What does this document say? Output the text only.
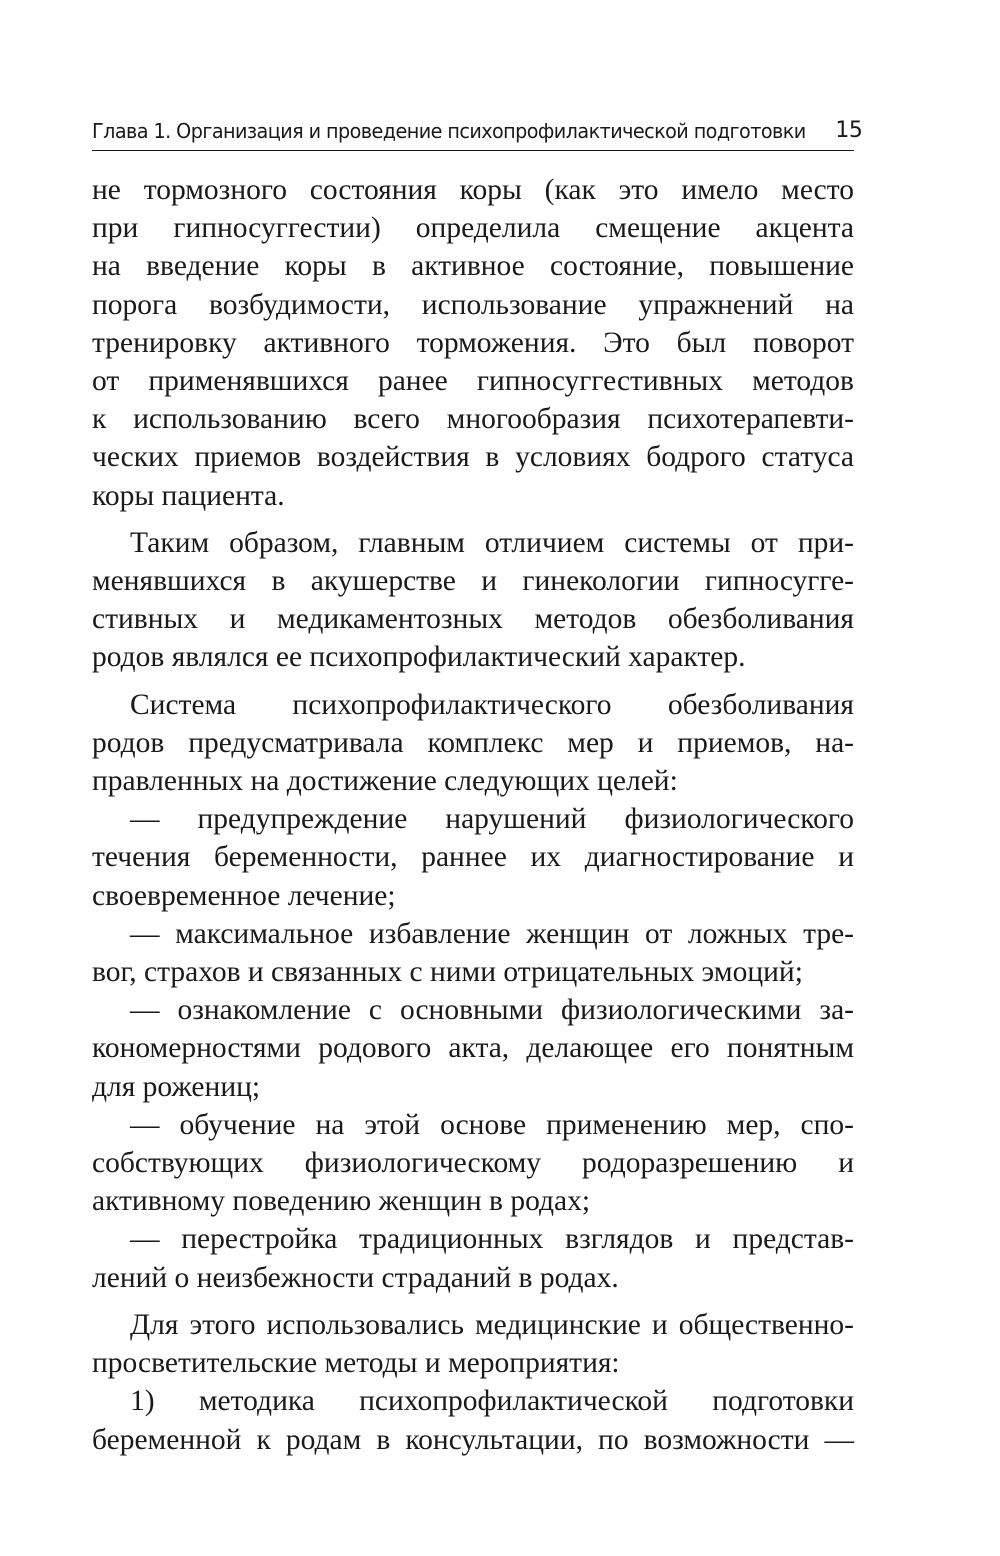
Глава 1. Организация и проведение психопрофилактической подготовки 15
не тормозного состояния коры (как это имело место
при гипносуггестии) определила смещение акцента
на введение коры в активное состояние, повышение
порога возбудимости, использование упражнений на
тренировку активного торможения. Это был поворот
от применявшихся ранее гипносуггестивных методов
к использованию всего многообразия психотерапевти-
ческих приемов воздействия в условиях бодрого статуса
коры пациента.
Таким образом, главным отличием системы от при-
менявшихся в акушерстве и гинекологии гипносугге-
стивных и медикаментозных методов обезболивания
родов являлся ее психопрофилактический характер.
Система психопрофилактического обезболивания
родов предусматривала комплекс мер и приемов, на-
правленных на достижение следующих целей:
— предупреждение нарушений физиологического
течения беременности, раннее их диагностирование и
своевременное лечение;
— максимальное избавление женщин от ложных тре-
вог, страхов и связанных с ними отрицательных эмоций;
— ознакомление с основными физиологическими за-
кономерностями родового акта, делающее его понятным
для рожениц;
— обучение на этой основе применению мер, спо-
собствующих физиологическому родоразрешению и
активному поведению женщин в родах;
— перестройка традиционных взглядов и представ-
лений о неизбежности страданий в родах.
Для этого использовались медицинские и общественно-
просветительские методы и мероприятия:
1) методика психопрофилактической подготовки
беременной к родам в консультации, по возможности —
